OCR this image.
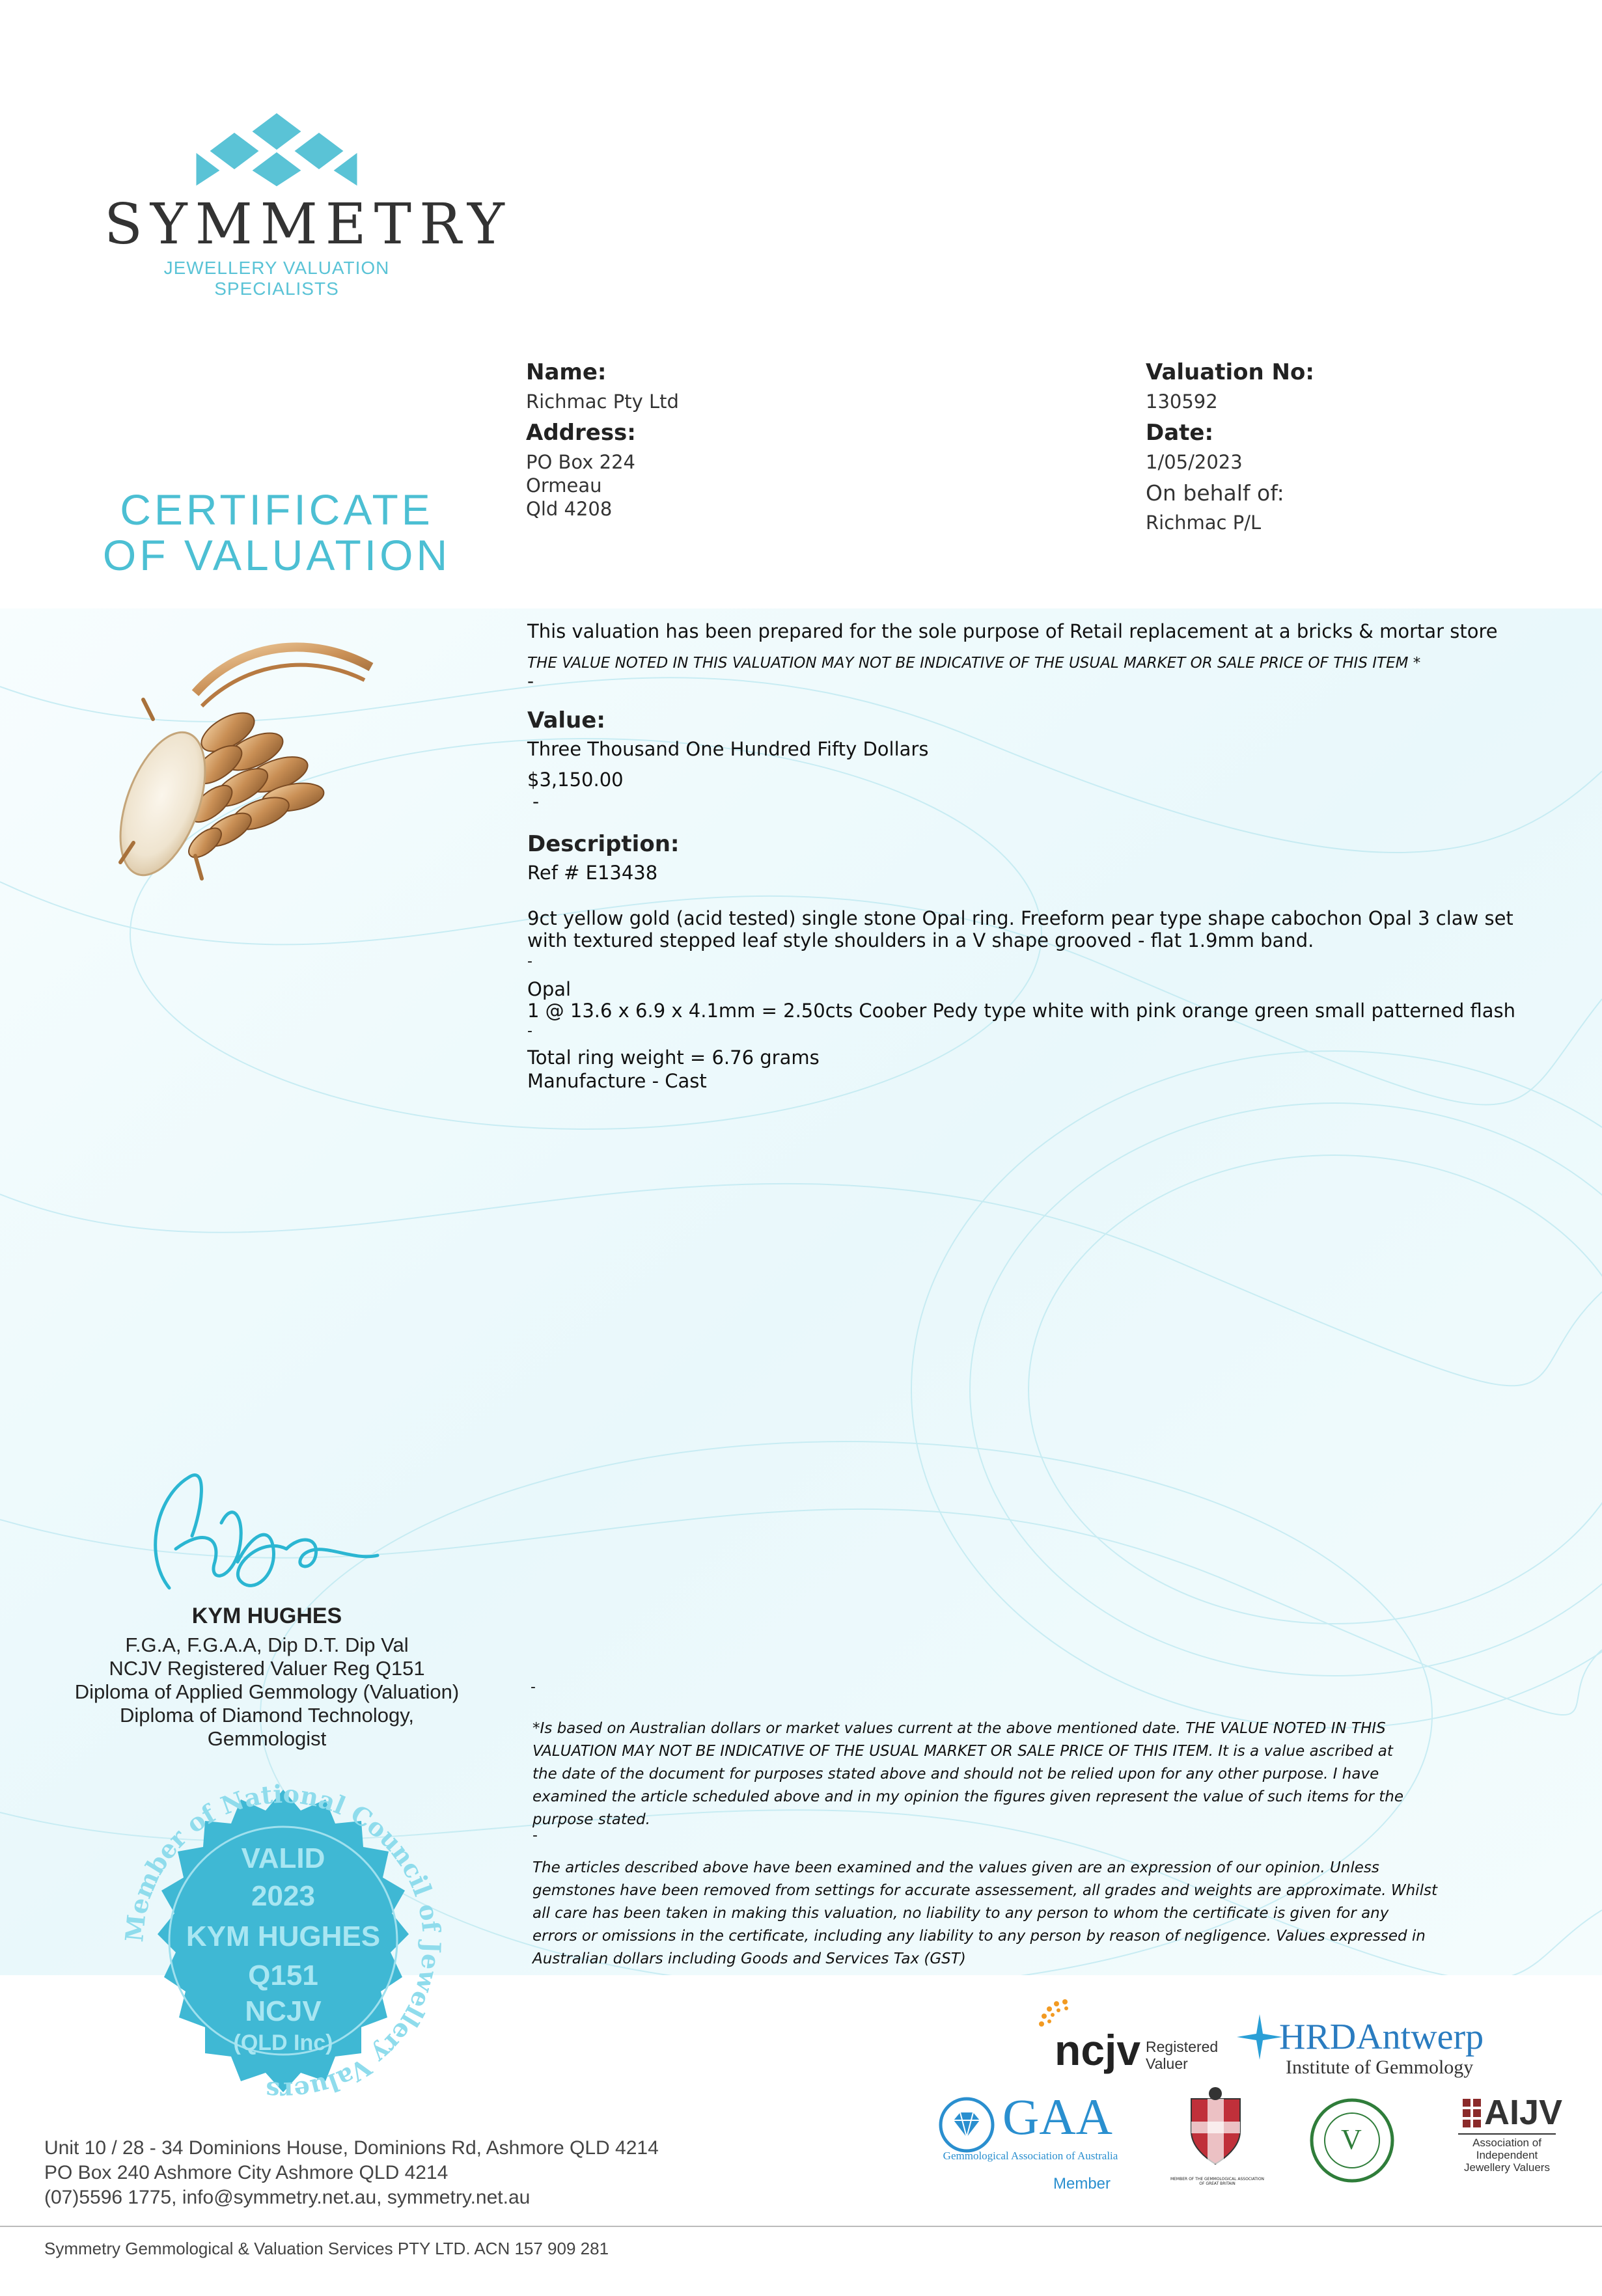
SYMMETRY
JEWELLERY VALUATION SPECIALISTS
CERTIFICATE
OF VALUATION
Name:
Richmac Pty Ltd
Address:
PO Box 224
Ormeau
Qld 4208
Valuation No:
130592
Date:
1/05/2023
On behalf of:
Richmac P/L
This valuation has been prepared for the sole purpose of Retail replacement at a bricks & mortar store
THE VALUE NOTED IN THIS VALUATION MAY NOT BE INDICATIVE OF THE USUAL MARKET OR SALE PRICE OF THIS ITEM *
-
Value:
Three Thousand One Hundred Fifty Dollars
$3,150.00
-
Description:
Ref # E13438
9ct yellow gold (acid tested) single stone Opal ring. Freeform pear type shape cabochon Opal 3 claw set
with textured stepped leaf style shoulders in a V shape grooved - flat 1.9mm band.
-
Opal
1 @ 13.6 x 6.9 x 4.1mm = 2.50cts Coober Pedy type white with pink orange green small patterned flash
-
Total ring weight = 6.76 grams
Manufacture - Cast
KYM HUGHES
F.G.A, F.G.A.A, Dip D.T. Dip Val
NCJV Registered Valuer Reg Q151
Diploma of Applied Gemmology (Valuation)
Diploma of Diamond Technology,
Gemmologist
Member of National Council of Jewellery Valuers
VALID
2023
KYM HUGHES
Q151
NCJV
(QLD Inc)
-
*Is based on Australian dollars or market values current at the above mentioned date. THE VALUE NOTED IN THIS
VALUATION MAY NOT BE INDICATIVE OF THE USUAL MARKET OR SALE PRICE OF THIS ITEM. It is a value ascribed at
the date of the document for purposes stated above and should not be relied upon for any other purpose. I have
examined the article scheduled above and in my opinion the figures given represent the value of such items for the
purpose stated.
-
The articles described above have been examined and the values given are an expression of our opinion. Unless
gemstones have been removed from settings for accurate assessement, all grades and weights are approximate. Whilst
all care has been taken in making this valuation, no liability to any person to whom the certificate is given for any
errors or omissions in the certificate, including any liability to any person by reason of negligence. Values expressed in
Australian dollars including Goods and Services Tax (GST)
ncjv Registered
Valuer
HRDAntwerp
Institute of Gemmology
GAA
Gemmological Association of Australia
Member	MEMBER OF THE GEMMOLOGICAL ASSOCIATION OF GREAT BRITAIN
V
AIJV
Association of
Independent
Jewellery Valuers
Unit 10 / 28 - 34 Dominions House, Dominions Rd, Ashmore QLD 4214
PO Box 240 Ashmore City Ashmore QLD 4214
(07)5596 1775, info@symmetry.net.au, symmetry.net.au
Symmetry Gemmological & Valuation Services PTY LTD. ACN 157 909 281
